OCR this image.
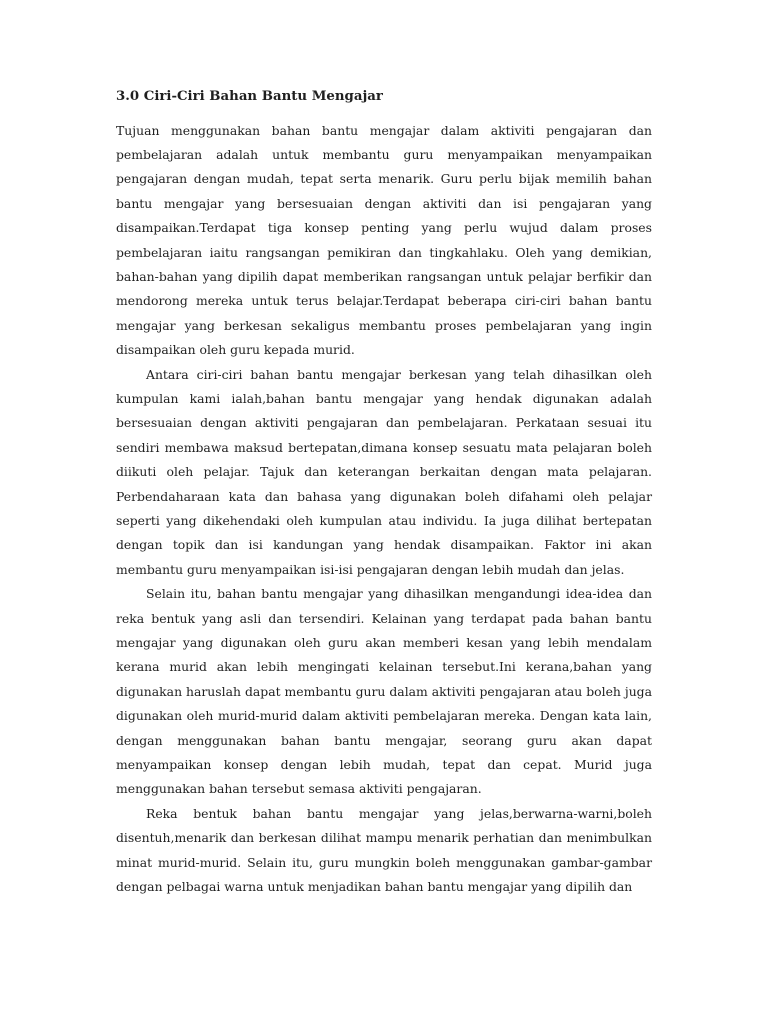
3.0 Ciri-Ciri Bahan Bantu Mengajar

Tujuan menggunakan bahan bantu mengajar dalam aktiviti pengajaran dan pembelajaran adalah untuk membantu guru menyampaikan menyampaikan pengajaran dengan mudah, tepat serta menarik. Guru perlu bijak memilih bahan bantu mengajar yang bersesuaian dengan aktiviti dan isi pengajaran yang disampaikan.Terdapat tiga konsep penting yang perlu wujud dalam proses pembelajaran iaitu rangsangan pemikiran dan tingkahlaku. Oleh yang demikian, bahan-bahan yang dipilih dapat memberikan rangsangan untuk pelajar berfikir dan mendorong mereka untuk terus belajar.Terdapat beberapa ciri-ciri bahan bantu mengajar yang berkesan sekaligus membantu proses pembelajaran yang ingin disampaikan oleh guru kepada murid.

Antara ciri-ciri bahan bantu mengajar berkesan yang telah dihasilkan oleh kumpulan kami ialah,bahan bantu mengajar yang hendak digunakan adalah bersesuaian dengan aktiviti pengajaran dan pembelajaran. Perkataan sesuai itu sendiri membawa maksud bertepatan,dimana konsep sesuatu mata pelajaran boleh diikuti oleh pelajar. Tajuk dan keterangan berkaitan dengan mata pelajaran. Perbendaharaan kata dan bahasa yang digunakan boleh difahami oleh pelajar seperti yang dikehendaki oleh kumpulan atau individu. Ia juga dilihat bertepatan dengan topik dan isi kandungan yang hendak disampaikan. Faktor ini akan membantu guru menyampaikan isi-isi pengajaran dengan lebih mudah dan jelas.

Selain itu, bahan bantu mengajar yang dihasilkan mengandungi idea-idea dan reka bentuk yang asli dan tersendiri. Kelainan yang terdapat pada bahan bantu mengajar yang digunakan oleh guru akan memberi kesan yang lebih mendalam kerana murid akan lebih mengingati kelainan tersebut.Ini kerana,bahan yang digunakan haruslah dapat membantu guru dalam aktiviti pengajaran atau boleh juga digunakan oleh murid-murid dalam aktiviti pembelajaran mereka. Dengan kata lain, dengan menggunakan bahan bantu mengajar, seorang guru akan dapat menyampaikan konsep dengan lebih mudah, tepat dan cepat. Murid juga menggunakan bahan tersebut semasa aktiviti pengajaran.

Reka bentuk bahan bantu mengajar yang jelas,berwarna-warni,boleh disentuh,menarik dan berkesan dilihat mampu menarik perhatian dan menimbulkan minat murid-murid. Selain itu, guru mungkin boleh menggunakan gambar-gambar dengan pelbagai warna untuk menjadikan bahan bantu mengajar yang dipilih dan
